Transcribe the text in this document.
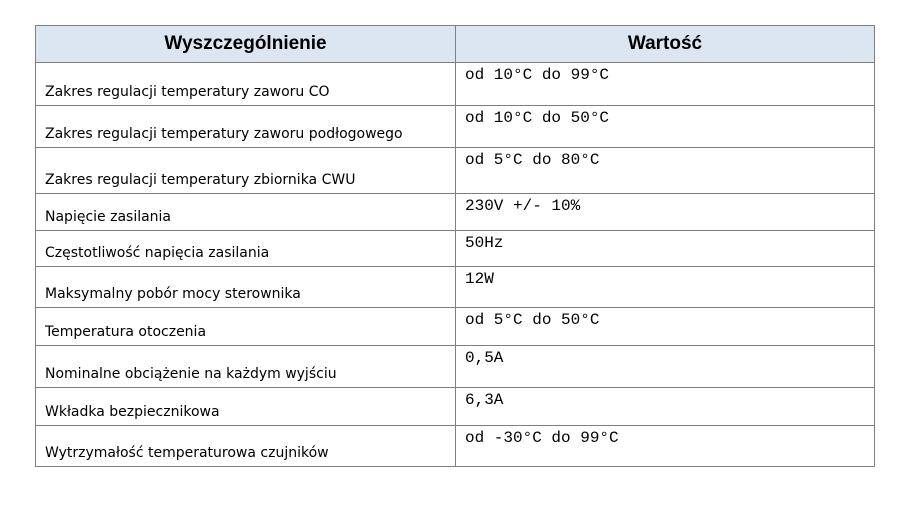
Wyszczególnienie	Wartość
Zakres regulacji temperatury zaworu CO	od 10°C do 99°C
Zakres regulacji temperatury zaworu podłogowego	od 10°C do 50°C
Zakres regulacji temperatury zbiornika CWU	od 5°C do 80°C
Napięcie zasilania	230V +/- 10%
Częstotliwość napięcia zasilania	50Hz
Maksymalny pobór mocy sterownika	12W
Temperatura otoczenia	od 5°C do 50°C
Nominalne obciążenie na każdym wyjściu	0,5A
Wkładka bezpiecznikowa	6,3A
Wytrzymałość temperaturowa czujników	od -30°C do 99°C
